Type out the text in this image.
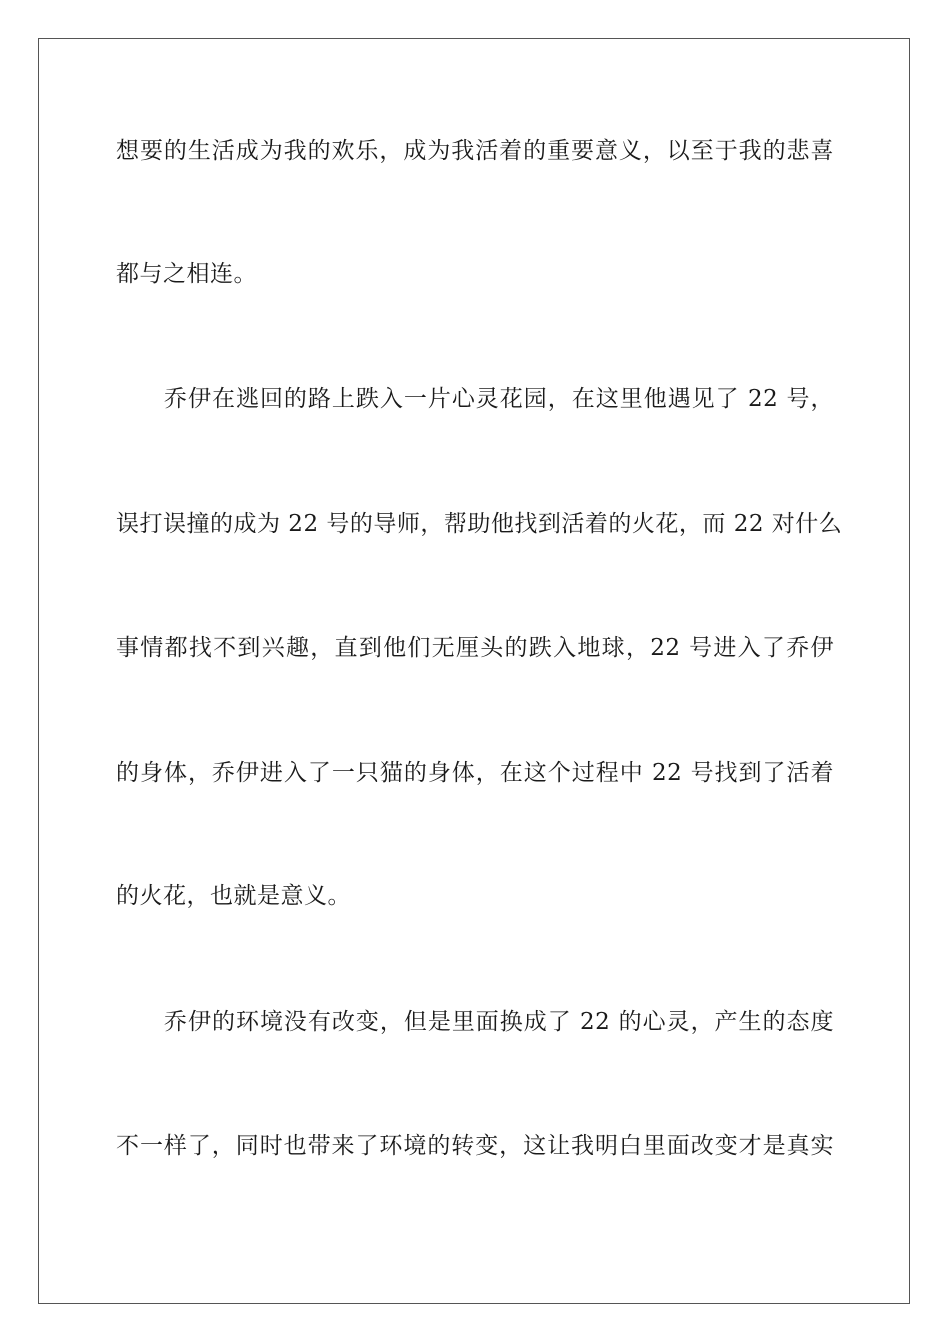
想要的生活成为我的欢乐，成为我活着的重要意义，以至于我的悲喜
都与之相连。
乔伊在逃回的路上跌入一片心灵花园，在这里他遇见了 22 号，
误打误撞的成为 22 号的导师，帮助他找到活着的火花，而 22 对什么
事情都找不到兴趣，直到他们无厘头的跌入地球，22 号进入了乔伊
的身体，乔伊进入了一只猫的身体，在这个过程中 22 号找到了活着
的火花，也就是意义。
乔伊的环境没有改变，但是里面换成了 22 的心灵，产生的态度
不一样了，同时也带来了环境的转变，这让我明白里面改变才是真实
